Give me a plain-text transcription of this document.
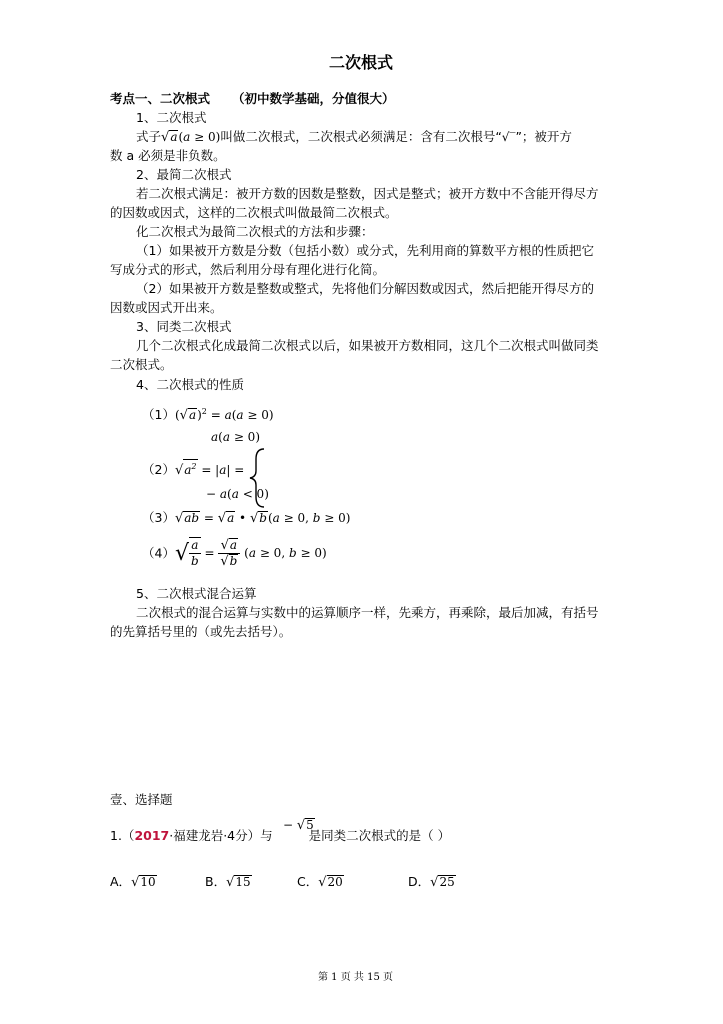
二次根式
考点一、二次根式 （初中数学基础，分值很大）
1、二次根式
式子√a(a ≥ 0)叫做二次根式，二次根式必须满足：含有二次根号“√‾”；被开方
数 a 必须是非负数。
2、最简二次根式
若二次根式满足：被开方数的因数是整数，因式是整式；被开方数中不含能开得尽方
的因数或因式，这样的二次根式叫做最简二次根式。
化二次根式为最简二次根式的方法和步骤：
（1）如果被开方数是分数（包括小数）或分式，先利用商的算数平方根的性质把它
写成分式的形式，然后利用分母有理化进行化简。
（2）如果被开方数是整数或整式，先将他们分解因数或因式，然后把能开得尽方的
因数或因式开出来。
3、同类二次根式
几个二次根式化成最简二次根式以后，如果被开方数相同，这几个二次根式叫做同类
二次根式。
4、二次根式的性质
$(1)(√a)^2 = a(a \ge 0)$
a(a ≥ 0)
$(2)√a^2 = |a|$ =
− a(a < 0)
（3）√ab = √a • √b(a ≥ 0, b ≥ 0)
$(4)√ \frac{a}{b} = \frac{√a}{√b} (a \ge 0$, b ≥ 0)
5、二次根式混合运算
二次根式的混合运算与实数中的运算顺序一样，先乘方，再乘除，最后加减，有括号
的先算括号里的（或先去括号）。
壹、选择题
− √5
1.（2017·福建龙岩·4分）与	是同类二次根式的是（ ）
A．√10	B．√15	C．√20	D．√25
第 1 页 共 15 页
